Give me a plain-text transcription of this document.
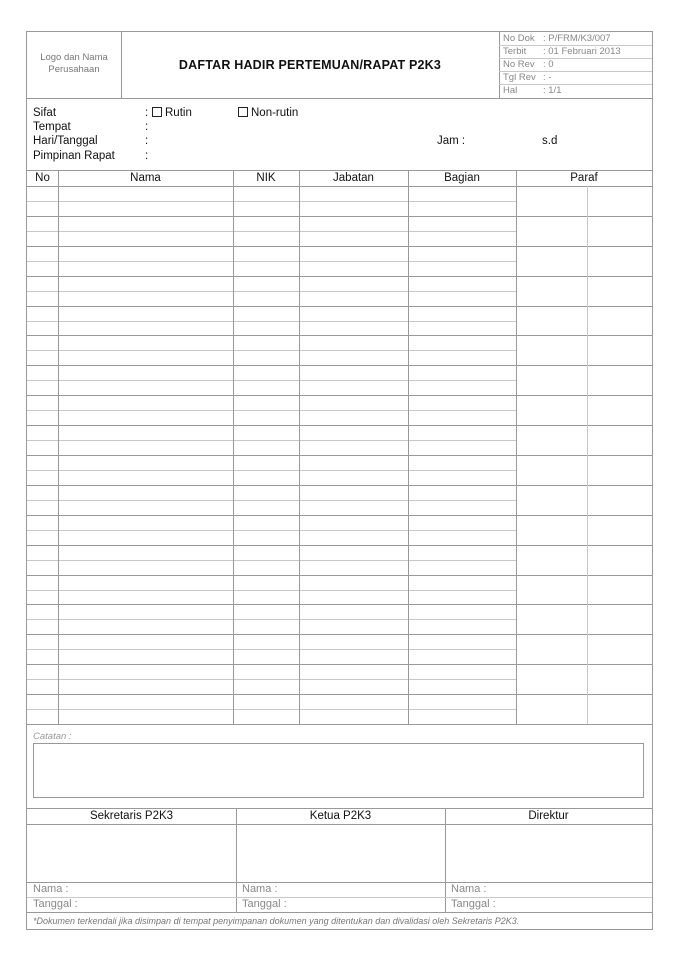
Logo dan Nama Perusahaan	DAFTAR HADIR PERTEMUAN/RAPAT P2K3
No Dok : P/FRM/K3/007
Terbit : 01 Februari 2013
No Rev : 0
Tgl Rev : -
Hal	: 1/1
Sifat	:	Rutin	Non-rutin
Tempat	:
Hari/Tanggal	:	Jam :	s.d
Pimpinan Rapat	:
No	Nama	NIK	Jabatan	Bagian	Paraf
Catatan :
Sekretaris P2K3	Ketua P2K3	Direktur
Nama :	Nama :	Nama :
Tanggal :	Tanggal :	Tanggal :
*Dokumen terkendali jika disimpan di tempat penyimpanan dokumen yang ditentukan dan divalidasi oleh Sekretaris P2K3.
